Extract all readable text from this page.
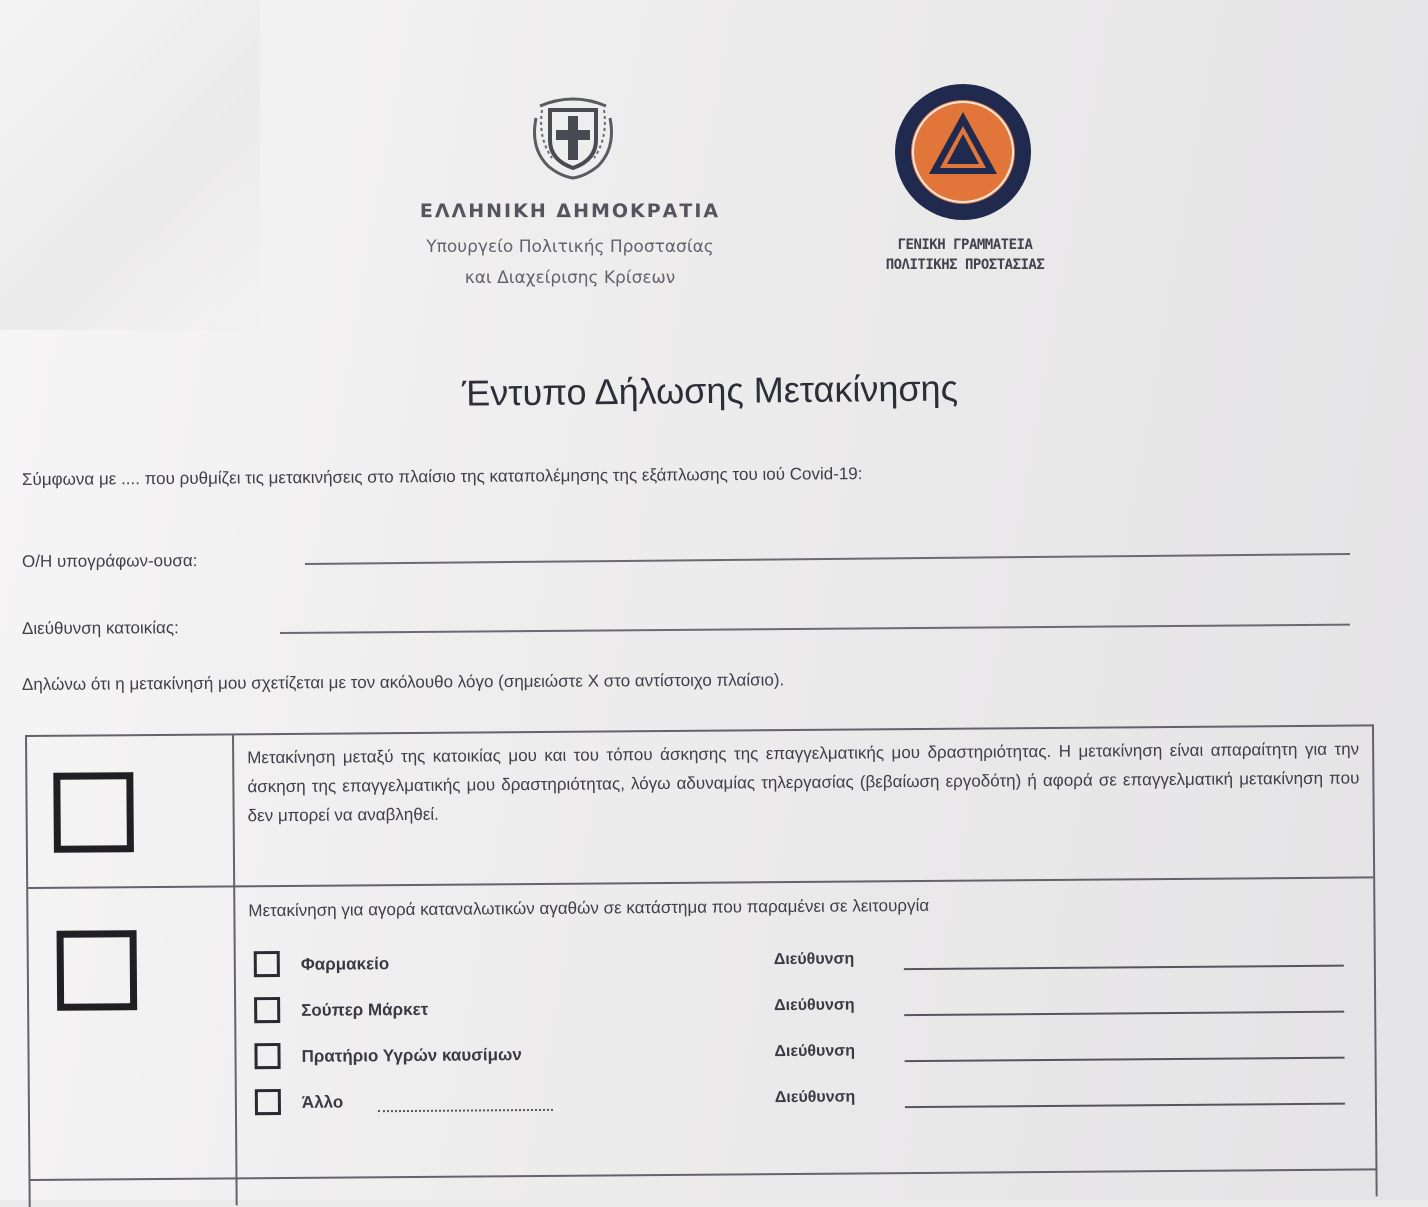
ΕΛΛΗΝΙΚΗ ΔΗΜΟΚΡΑΤΙΑ
Υπουργείο Πολιτικής Προστασίας
και Διαχείρισης Κρίσεων
ΓΕΝΙΚΗ ΓΡΑΜΜΑΤΕΙΑ
ΠΟΛΙΤΙΚΗΣ ΠΡΟΣΤΑΣΙΑΣ
Έντυπο Δήλωσης Μετακίνησης
Σύμφωνα με .... που ρυθμίζει τις μετακινήσεις στο πλαίσιο της καταπολέμησης της εξάπλωσης του ιού Covid-19:
Ο/Η υπογράφων-ουσα:
Διεύθυνση κατοικίας:
Δηλώνω ότι η μετακίνησή μου σχετίζεται με τον ακόλουθο λόγο (σημειώστε Χ στο αντίστοιχο πλαίσιο).
Μετακίνηση μεταξύ της κατοικίας μου και του τόπου άσκησης της επαγγελματικής μου δραστηριότητας. Η μετακίνηση είναι απαραίτητη για την άσκηση της επαγγελματικής μου δραστηριότητας, λόγω αδυναμίας τηλεργασίας (βεβαίωση εργοδότη) ή αφορά σε επαγγελματική μετακίνηση που δεν μπορεί να αναβληθεί.
Μετακίνηση για αγορά καταναλωτικών αγαθών σε κατάστημα που παραμένει σε λειτουργία
Φαρμακείο	Διεύθυνση
Σούπερ Μάρκετ	Διεύθυνση
Πρατήριο Υγρών καυσίμων	Διεύθυνση
Άλλο	Διεύθυνση
